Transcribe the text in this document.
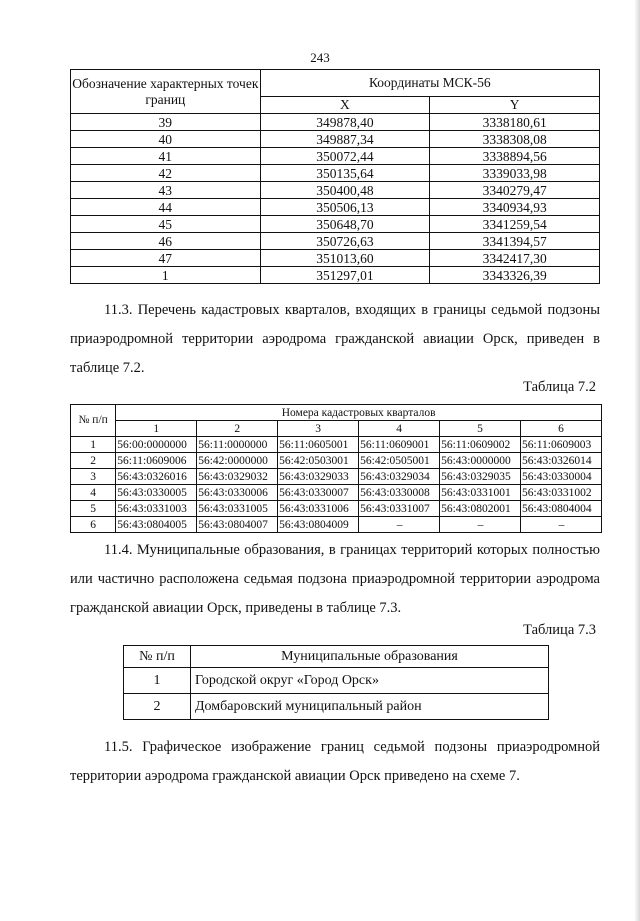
243
Обозначение характерных точек границ	Координаты МСК-56	
	X	Y
39	349878,40	3338180,61
40	349887,34	3338308,08
41	350072,44	3338894,56
42	350135,64	3339033,98
43	350400,48	3340279,47
44	350506,13	3340934,93
45	350648,70	3341259,54
46	350726,63	3341394,57
47	351013,60	3342417,30
1	351297,01	3343326,39
11.3. Перечень кадастровых кварталов, входящих в границы седьмой подзоны приаэродромной территории аэродрома гражданской авиации Орск, приведен в таблице 7.2.
Таблица 7.2
№ п/п	Номера кадастровых кварталов					
	1	2	3	4	5	6
1	56:00:0000000	56:11:0000000	56:11:0605001	56:11:0609001	56:11:0609002	56:11:0609003
2	56:11:0609006	56:42:0000000	56:42:0503001	56:42:0505001	56:43:0000000	56:43:0326014
3	56:43:0326016	56:43:0329032	56:43:0329033	56:43:0329034	56:43:0329035	56:43:0330004
4	56:43:0330005	56:43:0330006	56:43:0330007	56:43:0330008	56:43:0331001	56:43:0331002
5	56:43:0331003	56:43:0331005	56:43:0331006	56:43:0331007	56:43:0802001	56:43:0804004
6	56:43:0804005	56:43:0804007	56:43:0804009	–	–	–
11.4. Муниципальные образования, в границах территорий которых полностью или частично расположена седьмая подзона приаэродромной территории аэродрома гражданской авиации Орск, приведены в таблице 7.3.
Таблица 7.3
№ п/п	Муниципальные образования
1	Городской округ «Город Орск»
2	Домбаровский муниципальный район
11.5. Графическое изображение границ седьмой подзоны приаэродромной территории аэродрома гражданской авиации Орск приведено на схеме 7.
